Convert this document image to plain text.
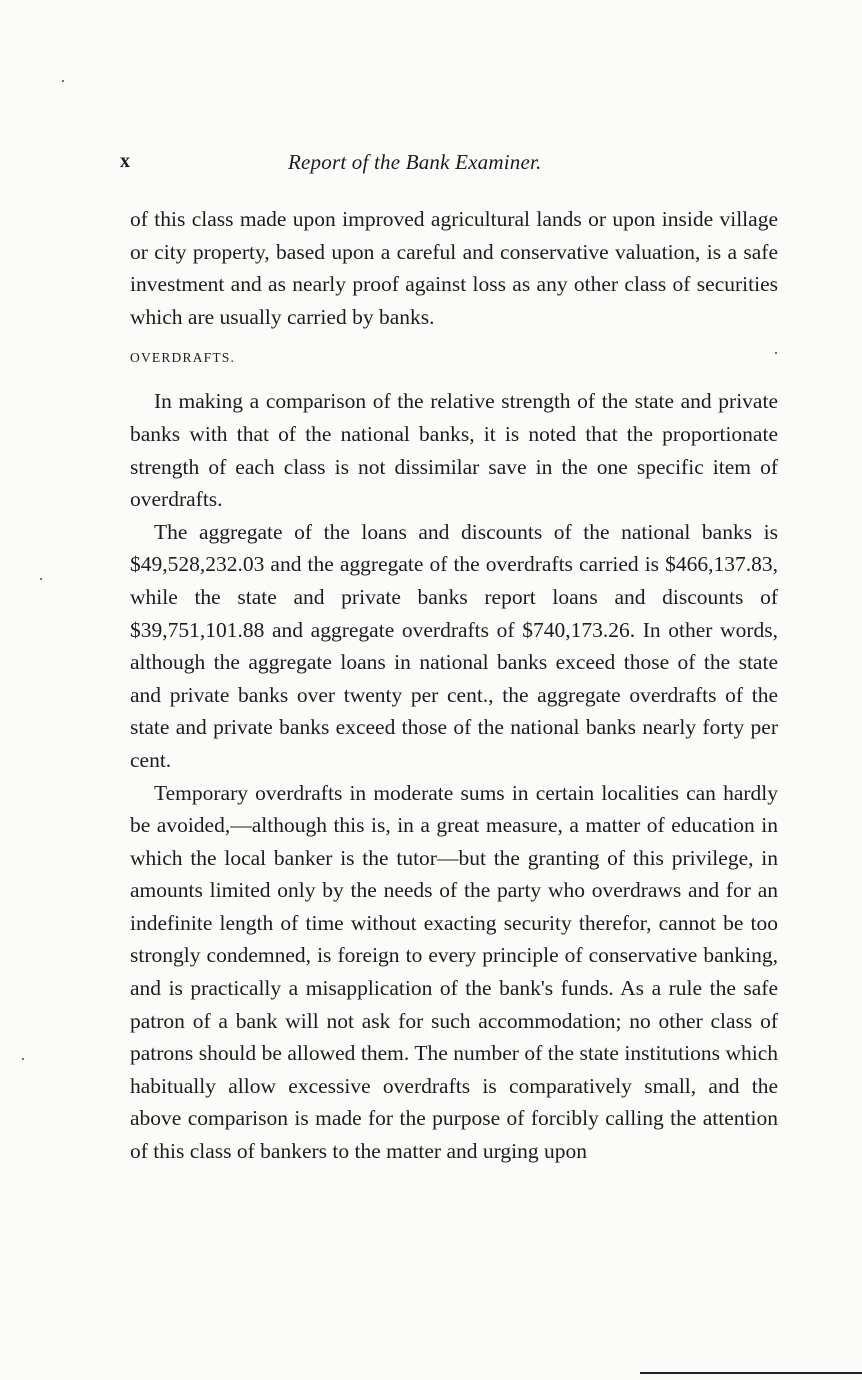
x	Report of the Bank Examiner.

of this class made upon improved agricultural lands or upon inside village or city property, based upon a careful and conservative valuation, is a safe investment and as nearly proof against loss as any other class of securities which are usually carried by banks.

OVERDRAFTS.

In making a comparison of the relative strength of the state and private banks with that of the national banks, it is noted that the proportionate strength of each class is not dissimilar save in the one specific item of overdrafts.

The aggregate of the loans and discounts of the national banks is $49,528,232.03 and the aggregate of the overdrafts carried is $466,137.83, while the state and private banks report loans and discounts of $39,751,101.88 and aggregate overdrafts of $740,173.26. In other words, although the aggregate loans in national banks exceed those of the state and private banks over twenty per cent., the aggregate overdrafts of the state and private banks exceed those of the national banks nearly forty per cent.

Temporary overdrafts in moderate sums in certain localities can hardly be avoided,—although this is, in a great measure, a matter of education in which the local banker is the tutor—but the granting of this privilege, in amounts limited only by the needs of the party who overdraws and for an indefinite length of time without exacting security therefor, cannot be too strongly condemned, is foreign to every principle of conservative banking, and is practically a misapplication of the bank's funds. As a rule the safe patron of a bank will not ask for such accommodation; no other class of patrons should be allowed them. The number of the state institutions which habitually allow excessive overdrafts is comparatively small, and the above comparison is made for the purpose of forcibly calling the attention of this class of bankers to the matter and urging upon
